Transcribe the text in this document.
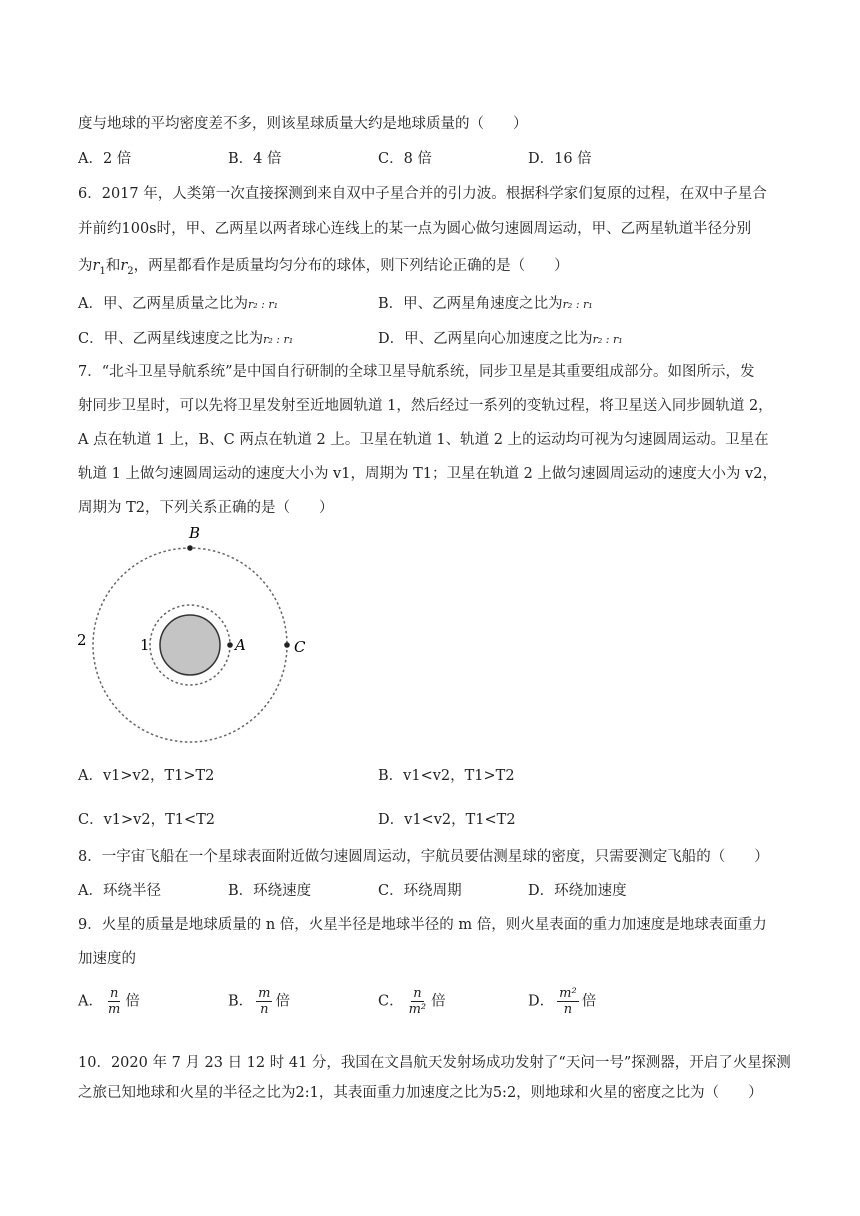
度与地球的平均密度差不多，则该星球质量大约是地球质量的（　　）
A．2 倍	B．4 倍	C．8 倍	D．16 倍
6．2017 年，人类第一次直接探测到来自双中子星合并的引力波。根据科学家们复原的过程，在双中子星合
并前约100s时，甲、乙两星以两者球心连线上的某一点为圆心做匀速圆周运动，甲、乙两星轨道半径分别
为$r_1$和$r_2$，两星都看作是质量均匀分布的球体，则下列结论正确的是（　　）
A．甲、乙两星质量之比为r₂ : r₁	B．甲、乙两星角速度之比为r₂ : r₁
C．甲、乙两星线速度之比为r₂ : r₁	D．甲、乙两星向心加速度之比为r₂ : r₁
7．“北斗卫星导航系统”是中国自行研制的全球卫星导航系统，同步卫星是其重要组成部分。如图所示，发
射同步卫星时，可以先将卫星发射至近地圆轨道 1，然后经过一系列的变轨过程，将卫星送入同步圆轨道 2，
A 点在轨道 1 上，B、C 两点在轨道 2 上。卫星在轨道 1、轨道 2 上的运动均可视为匀速圆周运动。卫星在
轨道 1 上做匀速圆周运动的速度大小为 v1，周期为 T1；卫星在轨道 2 上做匀速圆周运动的速度大小为 v2，
周期为 T2，下列关系正确的是（　　）
B
A	C
1
2
A．v1>v2，T1>T2	B．v1<v2，T1>T2
C．v1>v2，T1<T2	D．v1<v2，T1<T2
8．一宇宙飞船在一个星球表面附近做匀速圆周运动，宇航员要估测星球的密度，只需要测定飞船的（　　）
A．环绕半径	B．环绕速度	C．环绕周期	D．环绕加速度
9．火星的质量是地球质量的 n 倍，火星半径是地球半径的 m 倍，则火星表面的重力加速度是地球表面重力
加速度的
A． $\frac{n}{m}$ 倍	B． $\frac{m}{n}$ 倍	C． $\frac{n}{\text{m²}}$ 倍	D． $\frac{\text{m²}}{n}$ 倍
10．2020 年 7 月 23 日 12 时 41 分，我国在文昌航天发射场成功发射了“天问一号”探测器，开启了火星探测
之旅已知地球和火星的半径之比为2:1，其表面重力加速度之比为5:2，则地球和火星的密度之比为（　　）
